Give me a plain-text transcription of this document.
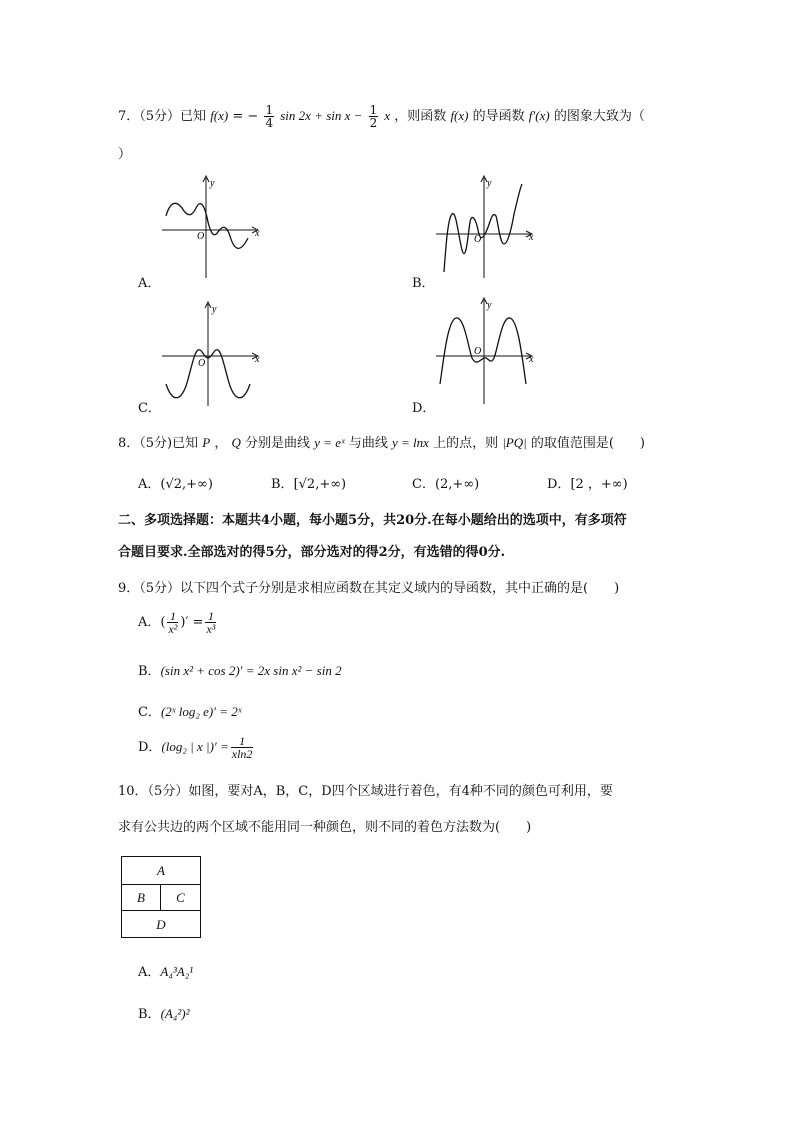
7．（5分）已知 f(x) = − $\frac{1}{4}$ $\sin 2x + \sin x - \frac{1}{2}$ x ，则函数 f(x) 的导函数 f′(x) 的图象大致为（
）
y
x
O
A．
y
x
O
B．
y
x
O
C．
y
x
O
D．
8．（5分)已知 P ， Q 分别是曲线 y = eˣ 与曲线 y = lnx 上的点，则 |PQ| 的取值范围是(　　)
A．(√2,+∞)	B．[√2,+∞)	C．(2,+∞)	D．[2 ，+∞)
二、多项选择题：本题共4小题，每小题5分，共20分.在每小题给出的选项中，有多项符
合题目要求.全部选对的得5分，部分选对的得2分，有选错的得0分.
9．（5分）以下四个式子分别是求相应函数在其定义域内的导函数，其中正确的是(　　)
A．( $\frac{1}{\text{x²}}$ )′ = $\frac{1}{\text{x³}}$
B．(sin x² + cos 2)′ = 2x sin x² − sin 2
C．(2ˣ log₂ e)′ = 2ˣ
D．(log₂ | x |)′ = $\frac{1}{xln2}$
10．（5分）如图，要对A，B，C，D四个区域进行着色，有4种不同的颜色可利用，要
求有公共边的两个区域不能用同一种颜色，则不同的着色方法数为(　　)
A
B	C
D
A．A₄³A₂¹
B．(A₄²)²
